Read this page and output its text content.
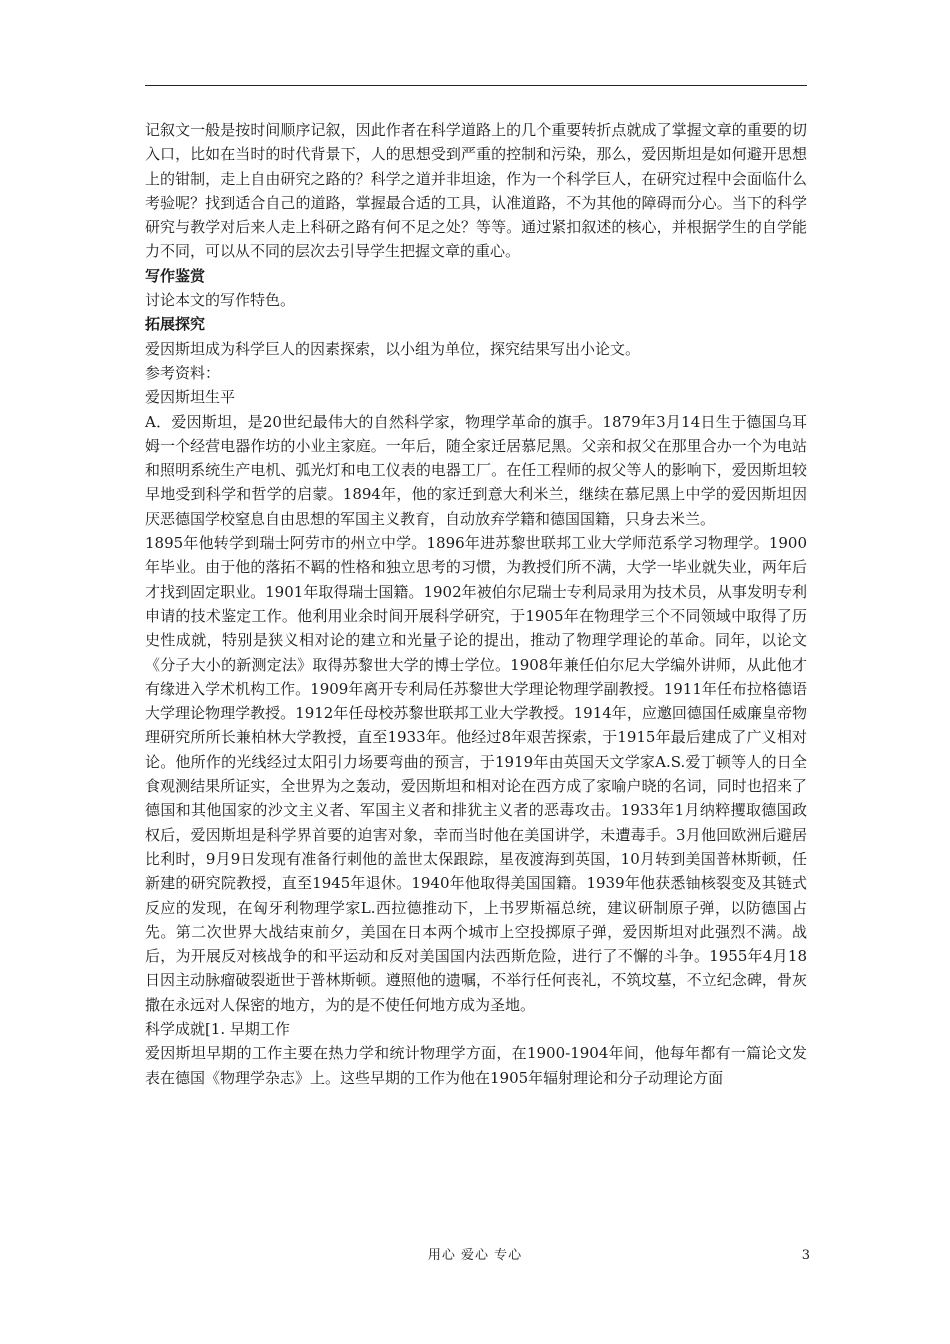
记叙文一般是按时间顺序记叙，因此作者在科学道路上的几个重要转折点就成了掌握文章的重要的切入口，比如在当时的时代背景下，人的思想受到严重的控制和污染，那么，爱因斯坦是如何避开思想上的钳制，走上自由研究之路的？科学之道并非坦途，作为一个科学巨人，在研究过程中会面临什么考验呢？找到适合自己的道路，掌握最合适的工具，认准道路，不为其他的障碍而分心。当下的科学研究与教学对后来人走上科研之路有何不足之处？等等。通过紧扣叙述的核心，并根据学生的自学能力不同，可以从不同的层次去引导学生把握文章的重心。

写作鉴赏

讨论本文的写作特色。

拓展探究

爱因斯坦成为科学巨人的因素探索，以小组为单位，探究结果写出小论文。

参考资料：

爱因斯坦生平

A．爱因斯坦，是20世纪最伟大的自然科学家，物理学革命的旗手。1879年3月14日生于德国乌耳姆一个经营电器作坊的小业主家庭。一年后，随全家迁居慕尼黑。父亲和叔父在那里合办一个为电站和照明系统生产电机、弧光灯和电工仪表的电器工厂。在任工程师的叔父等人的影响下，爱因斯坦较早地受到科学和哲学的启蒙。1894年，他的家迁到意大利米兰，继续在慕尼黑上中学的爱因斯坦因厌恶德国学校窒息自由思想的军国主义教育，自动放弃学籍和德国国籍，只身去米兰。

1895年他转学到瑞士阿劳市的州立中学。1896年进苏黎世联邦工业大学师范系学习物理学。1900年毕业。由于他的落拓不羁的性格和独立思考的习惯，为教授们所不满，大学一毕业就失业，两年后才找到固定职业。1901年取得瑞士国籍。1902年被伯尔尼瑞士专利局录用为技术员，从事发明专利申请的技术鉴定工作。他利用业余时间开展科学研究，于1905年在物理学三个不同领域中取得了历史性成就，特别是狭义相对论的建立和光量子论的提出，推动了物理学理论的革命。同年，以论文《分子大小的新测定法》取得苏黎世大学的博士学位。1908年兼任伯尔尼大学编外讲师，从此他才有缘进入学术机构工作。1909年离开专利局任苏黎世大学理论物理学副教授。1911年任布拉格德语大学理论物理学教授。1912年任母校苏黎世联邦工业大学教授。1914年，应邀回德国任威廉皇帝物理研究所所长兼柏林大学教授，直至1933年。他经过8年艰苦探索，于1915年最后建成了广义相对论。他所作的光线经过太阳引力场要弯曲的预言，于1919年由英国天文学家A.S.爱丁顿等人的日全食观测结果所证实，全世界为之轰动，爱因斯坦和相对论在西方成了家喻户晓的名词，同时也招来了德国和其他国家的沙文主义者、军国主义者和排犹主义者的恶毒攻击。1933年1月纳粹攫取德国政权后，爱因斯坦是科学界首要的迫害对象，幸而当时他在美国讲学，未遭毒手。3月他回欧洲后避居比利时，9月9日发现有准备行刺他的盖世太保跟踪，星夜渡海到英国，10月转到美国普林斯顿，任新建的研究院教授，直至1945年退休。1940年他取得美国国籍。1939年他获悉铀核裂变及其链式反应的发现，在匈牙利物理学家L.西拉德推动下，上书罗斯福总统，建议研制原子弹，以防德国占先。第二次世界大战结束前夕，美国在日本两个城市上空投掷原子弹，爱因斯坦对此强烈不满。战后，为开展反对核战争的和平运动和反对美国国内法西斯危险，进行了不懈的斗争。1955年4月18日因主动脉瘤破裂逝世于普林斯顿。遵照他的遗嘱，不举行任何丧礼，不筑坟墓，不立纪念碑，骨灰撒在永远对人保密的地方，为的是不使任何地方成为圣地。

科学成就[1. 早期工作

爱因斯坦早期的工作主要在热力学和统计物理学方面，在1900-1904年间，他每年都有一篇论文发表在德国《物理学杂志》上。这些早期的工作为他在1905年辐射理论和分子动理论方面

用心 爱心 专心	3
